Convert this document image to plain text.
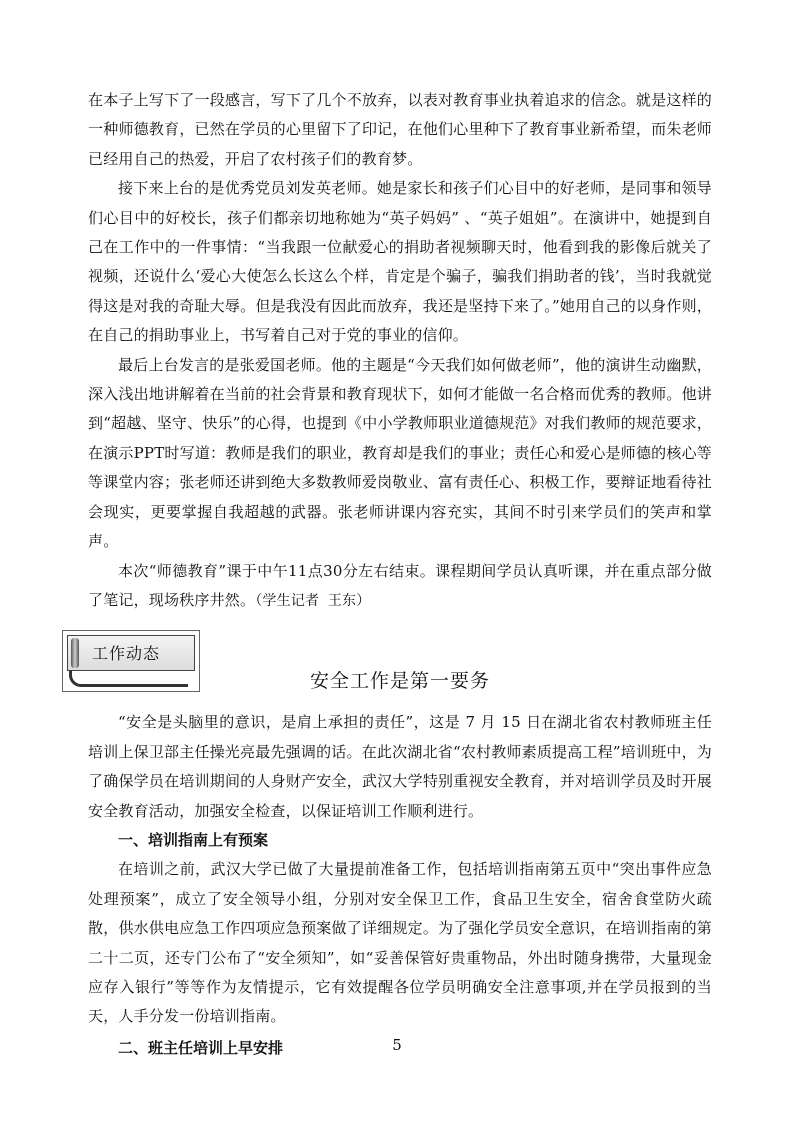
在本子上写下了一段感言，写下了几个不放弃，以表对教育事业执着追求的信念。就是这样的一种师德教育，已然在学员的心里留下了印记，在他们心里种下了教育事业新希望，而朱老师已经用自己的热爱，开启了农村孩子们的教育梦。

接下来上台的是优秀党员刘发英老师。她是家长和孩子们心目中的好老师，是同事和领导们心目中的好校长，孩子们都亲切地称她为“英子妈妈” 、“英子姐姐”。在演讲中，她提到自己在工作中的一件事情：“当我跟一位献爱心的捐助者视频聊天时，他看到我的影像后就关了视频，还说什么‘爱心大使怎么长这么个样，肯定是个骗子，骗我们捐助者的钱’，当时我就觉得这是对我的奇耻大辱。但是我没有因此而放弃，我还是坚持下来了。”她用自己的以身作则，在自己的捐助事业上，书写着自己对于党的事业的信仰。

最后上台发言的是张爱国老师。他的主题是“今天我们如何做老师”，他的演讲生动幽默，深入浅出地讲解着在当前的社会背景和教育现状下，如何才能做一名合格而优秀的教师。他讲到“超越、坚守、快乐”的心得，也提到《中小学教师职业道德规范》对我们教师的规范要求，在演示PPT时写道：教师是我们的职业，教育却是我们的事业；责任心和爱心是师德的核心等等课堂内容；张老师还讲到绝大多数教师爱岗敬业、富有责任心、积极工作，要辩证地看待社会现实，更要掌握自我超越的武器。张老师讲课内容充实，其间不时引来学员们的笑声和掌声。

本次“师德教育”课于中午11点30分左右结束。课程期间学员认真听课，并在重点部分做了笔记，现场秩序井然。（学生记者 王东）

工作动态
安全工作是第一要务

“安全是头脑里的意识，是肩上承担的责任”，这是 7 月 15 日在湖北省农村教师班主任培训上保卫部主任操光亮最先强调的话。在此次湖北省“农村教师素质提高工程”培训班中，为了确保学员在培训期间的人身财产安全，武汉大学特别重视安全教育，并对培训学员及时开展安全教育活动，加强安全检查，以保证培训工作顺利进行。

一、培训指南上有预案

在培训之前，武汉大学已做了大量提前准备工作，包括培训指南第五页中“突出事件应急处理预案”，成立了安全领导小组，分别对安全保卫工作，食品卫生安全，宿舍食堂防火疏散，供水供电应急工作四项应急预案做了详细规定。为了强化学员安全意识，在培训指南的第二十二页，还专门公布了“安全须知”，如“妥善保管好贵重物品，外出时随身携带，大量现金应存入银行”等等作为友情提示，它有效提醒各位学员明确安全注意事项,并在学员报到的当天，人手分发一份培训指南。

二、班主任培训上早安排	5
